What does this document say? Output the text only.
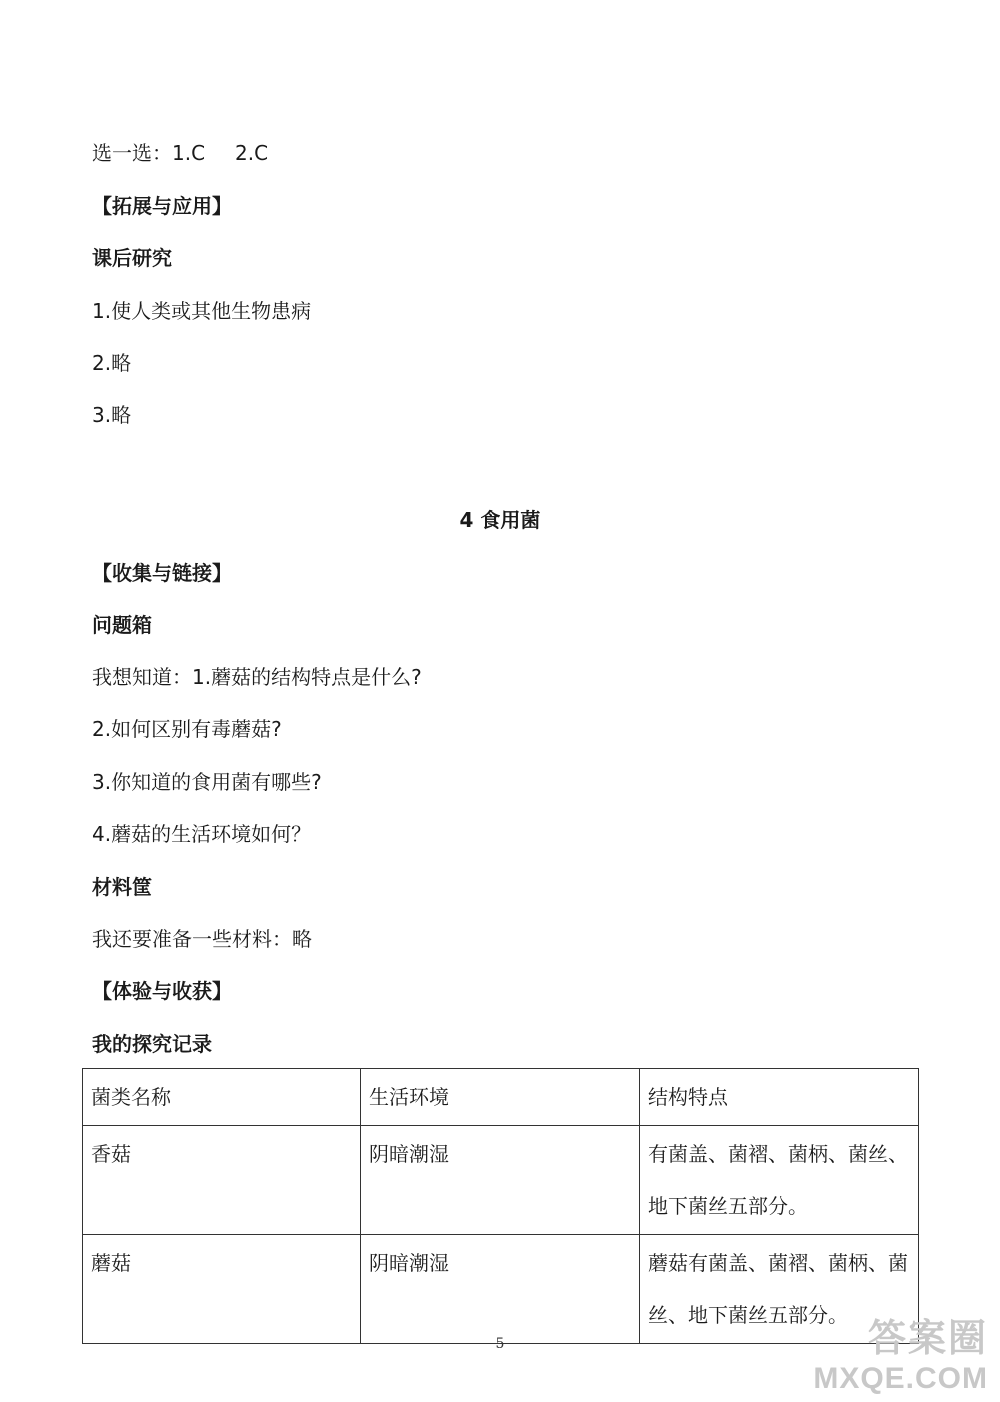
选一选：1.C 2.C
【拓展与应用】
课后研究
1.使人类或其他生物患病
2.略
3.略
4 食用菌
【收集与链接】
问题箱
我想知道：1.蘑菇的结构特点是什么?
2.如何区别有毒蘑菇?
3.你知道的食用菌有哪些?
4.蘑菇的生活环境如何？
材料筐
我还要准备一些材料：略
【体验与收获】
我的探究记录
菌类名称	生活环境	结构特点
香菇	阴暗潮湿	有菌盖、菌褶、菌柄、菌丝、地下菌丝五部分。
蘑菇	阴暗潮湿	蘑菇有菌盖、菌褶、菌柄、菌丝、地下菌丝五部分。
5	答案圈
MXQE.COM
